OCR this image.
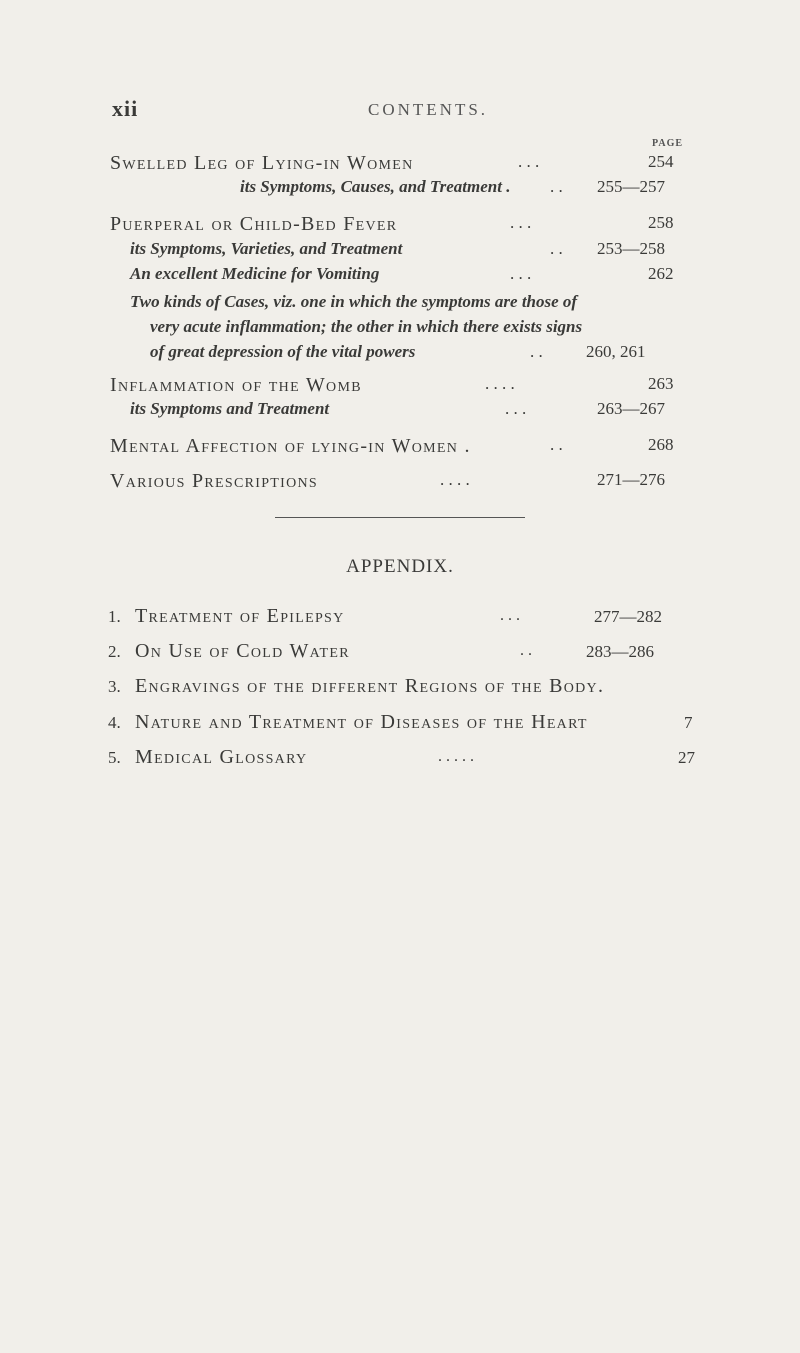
xii	CONTENTS.
PAGE
Swelled Leg of Lying-in Women	. . .	254
its Symptoms, Causes, and Treatment . . . 255—257
Puerperal or Child-Bed Fever	. . .	258
its Symptoms, Varieties, and Treatment	. . 253—258
An excellent Medicine for Vomiting	. . .	262
Two kinds of Cases, viz. one in which the symptoms are those of
very acute inflammation; the other in which there exists signs
of great depression of the vital powers	. .	260, 261
Inflammation of the Womb	. . . .	263
its Symptoms and Treatment	. . .	263—267
Mental Affection of lying-in Women .	. .	268
Various Prescriptions	. . . .	271—276
APPENDIX.
1. Treatment of Epilepsy	. . .	277—282
2. On Use of Cold Water	. .	283—286
3. Engravings of the different Regions of the Body.
4. Nature and Treatment of Diseases of the Heart	7
5. Medical Glossary	. . . . .	27
